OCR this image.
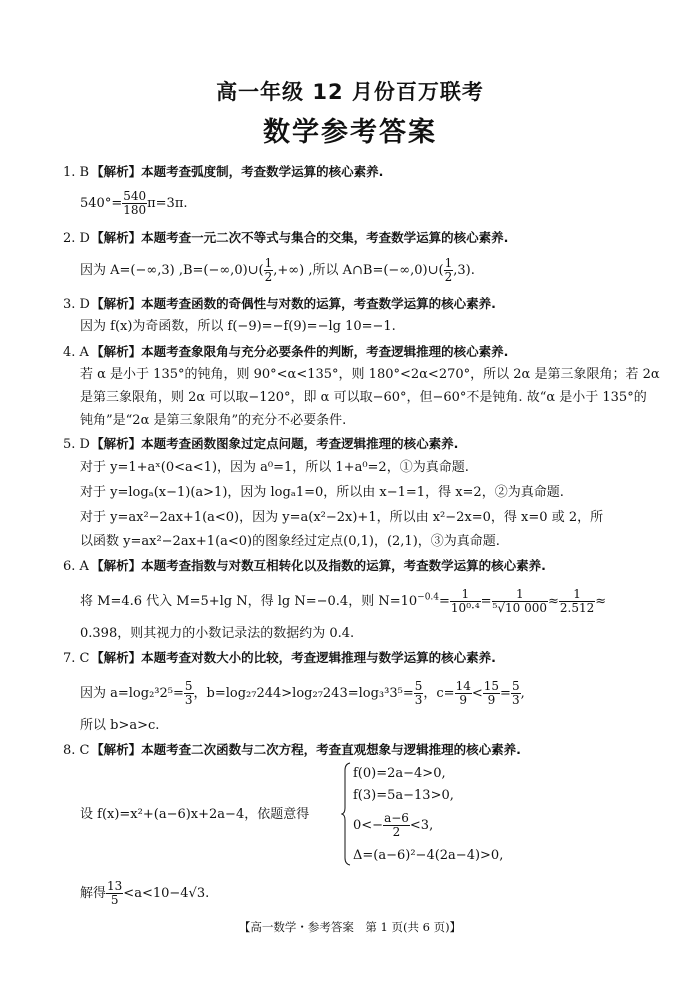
高一年级 12 月份百万联考
数学参考答案
1. B 【解析】本题考查弧度制，考查数学运算的核心素养.
$540^\circ= \frac{540}{180} \pi=3\pi$.
2. D 【解析】本题考查一元二次不等式与集合的交集，考查数学运算的核心素养.
因为 A=(−∞,3) ,B=(−∞,0)∪( $\frac{1}{2}$ ,+∞) ,所以 A∩B=(−∞,0)∪( $\frac{1}{2} ,3$).
3. D 【解析】本题考查函数的奇偶性与对数的运算，考查数学运算的核心素养.
因为 f(x)为奇函数，所以 f(−9)=−f(9)=−lg 10=−1.
4. A 【解析】本题考查象限角与充分必要条件的判断，考查逻辑推理的核心素养.
若 α 是小于 135°的钝角，则 90°<α<135°，则 180°<2α<270°，所以 2α 是第三象限角；若 2α
是第三象限角，则 2α 可以取−120°，即 α 可以取−60°，但−60°不是钝角. 故“α 是小于 135°的
钝角”是“2α 是第三象限角”的充分不必要条件.
5. D 【解析】本题考查函数图象过定点问题，考查逻辑推理的核心素养.
对于 y=1+aˣ(0<a<1)，因为 a⁰=1，所以 1+a⁰=2，①为真命题.
对于 y=logₐ(x−1)(a>1)，因为 logₐ1=0，所以由 x−1=1，得 x=2，②为真命题.
对于 y=ax²−2ax+1(a<0)，因为 y=a(x²−2x)+1，所以由 x²−2x=0，得 x=0 或 2，所
以函数 y=ax²−2ax+1(a<0)的图象经过定点(0,1)，(2,1)，③为真命题.
6. A 【解析】本题考查指数与对数互相转化以及指数的运算，考查数学运算的核心素养.
将 M=4.6 代入 M=5+lg N，得 lg N=−0.4，则 $N=10^{-0.4}= \frac{1}{\text{10⁰·⁴}} = \frac{1}{\text{⁵√10 000}} \approx \frac{1}{2.512}$ ≈
0.398，则其视力的小数记录法的数据约为 0.4.
7. C 【解析】本题考查对数大小的比较，考查逻辑推理与数学运算的核心素养.
因为 $a=\log_2^32^5= \frac{5}{3}$ ，$b=\log_{27}244>\log_{27}243=\log_3^33^5= \frac{5}{3}$ ，$c= \frac{14}{9} < \frac{15}{9} = \frac{5}{3}$ ,
所以 b>a>c.
8. C 【解析】本题考查二次函数与二次方程，考查直观想象与逻辑推理的核心素养.
f(0)=2a−4>0,
f(3)=5a−13>0,
$0<- \frac{a-6}{2} <3$,
Δ=(a−6)²−4(2a−4)>0,
设 f(x)=x²+(a−6)x+2a−4，依题意得
解得 $\frac{13}{5} <a<10-4√3$.
【高一数学・参考答案　第 1 页(共 6 页)】
